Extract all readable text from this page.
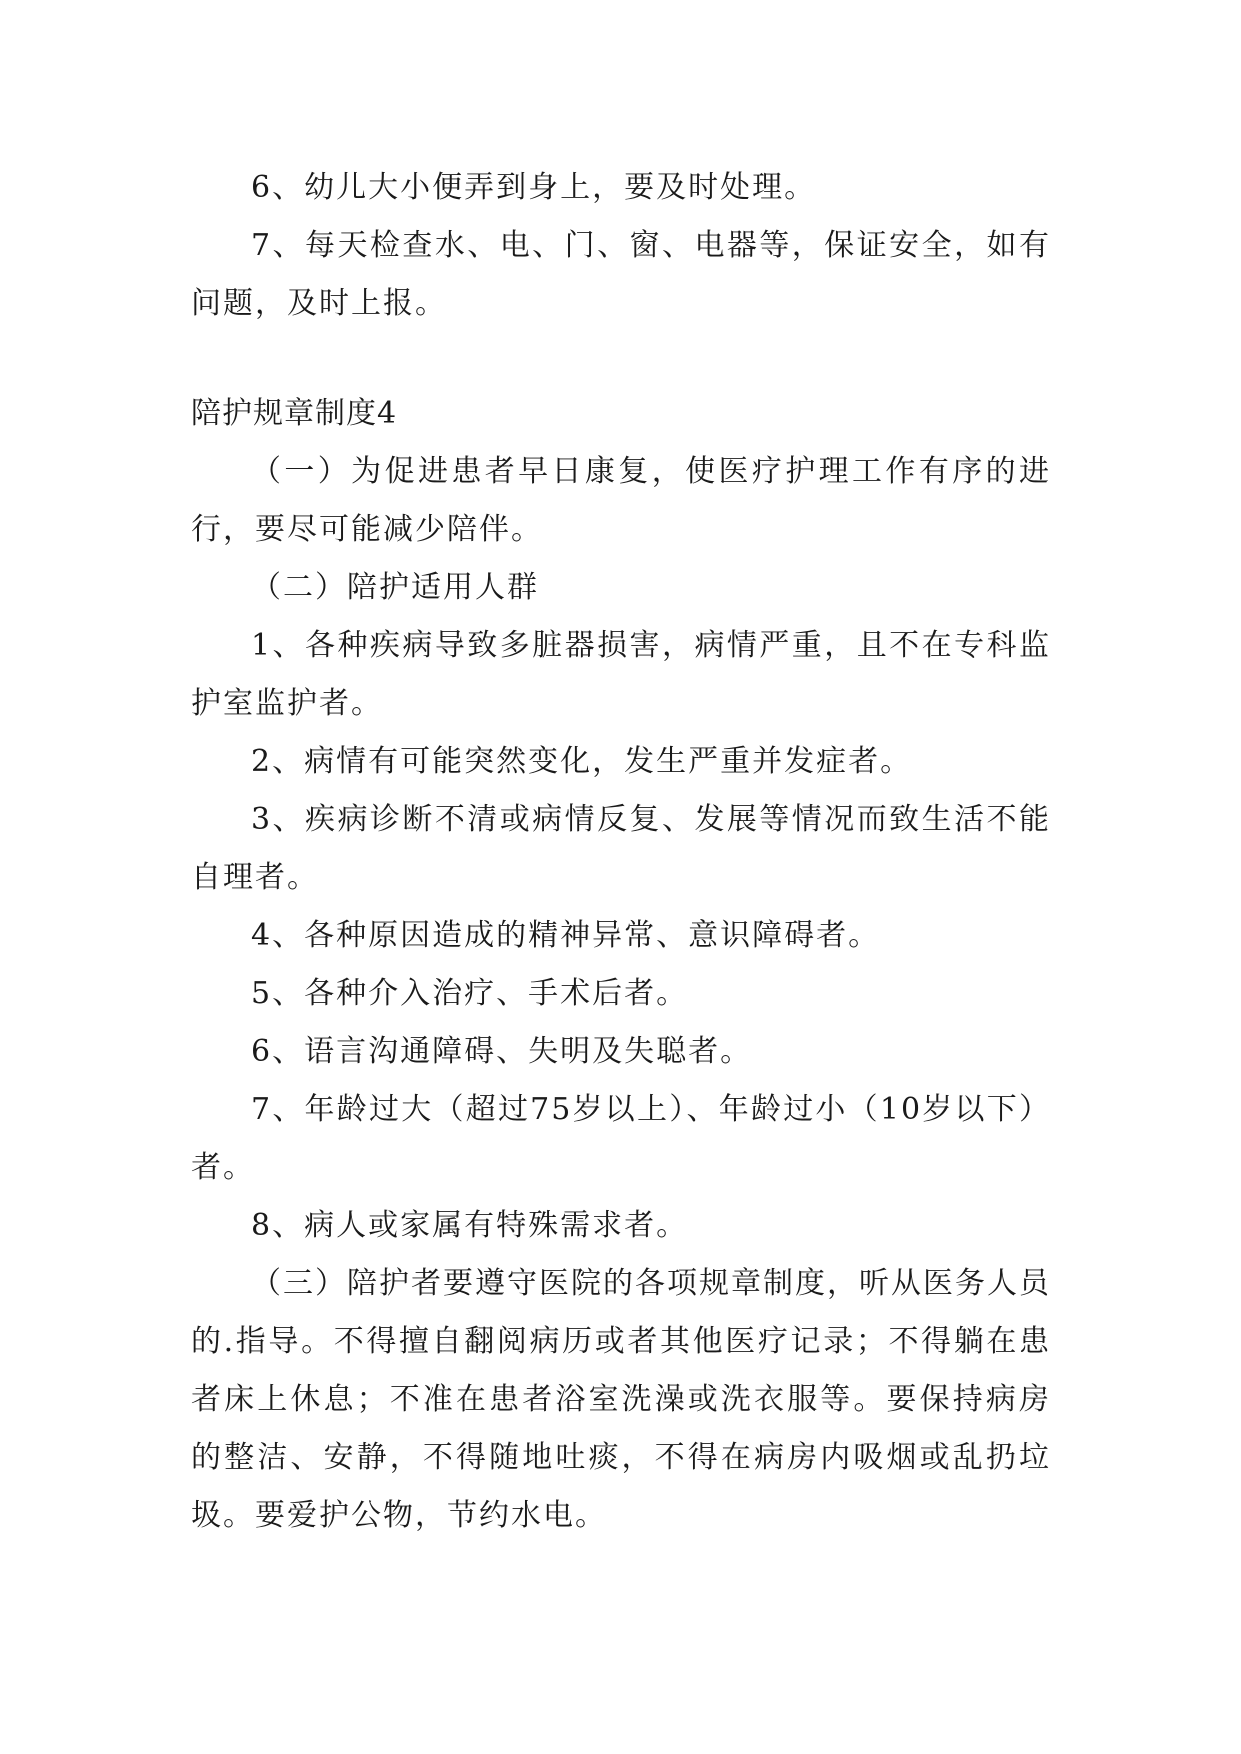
6、幼儿大小便弄到身上，要及时处理。

7、每天检查水、电、门、窗、电器等，保证安全，如有问题，及时上报。

陪护规章制度4

（一）为促进患者早日康复，使医疗护理工作有序的进行，要尽可能减少陪伴。

（二）陪护适用人群

1、各种疾病导致多脏器损害，病情严重，且不在专科监护室监护者。

2、病情有可能突然变化，发生严重并发症者。

3、疾病诊断不清或病情反复、发展等情况而致生活不能自理者。

4、各种原因造成的精神异常、意识障碍者。

5、各种介入治疗、手术后者。

6、语言沟通障碍、失明及失聪者。

7、年龄过大（超过75岁以上）、年龄过小（10岁以下）者。

8、病人或家属有特殊需求者。

（三）陪护者要遵守医院的各项规章制度，听从医务人员的.指导。不得擅自翻阅病历或者其他医疗记录；不得躺在患者床上休息；不准在患者浴室洗澡或洗衣服等。要保持病房的整洁、安静，不得随地吐痰，不得在病房内吸烟或乱扔垃圾。要爱护公物，节约水电。
